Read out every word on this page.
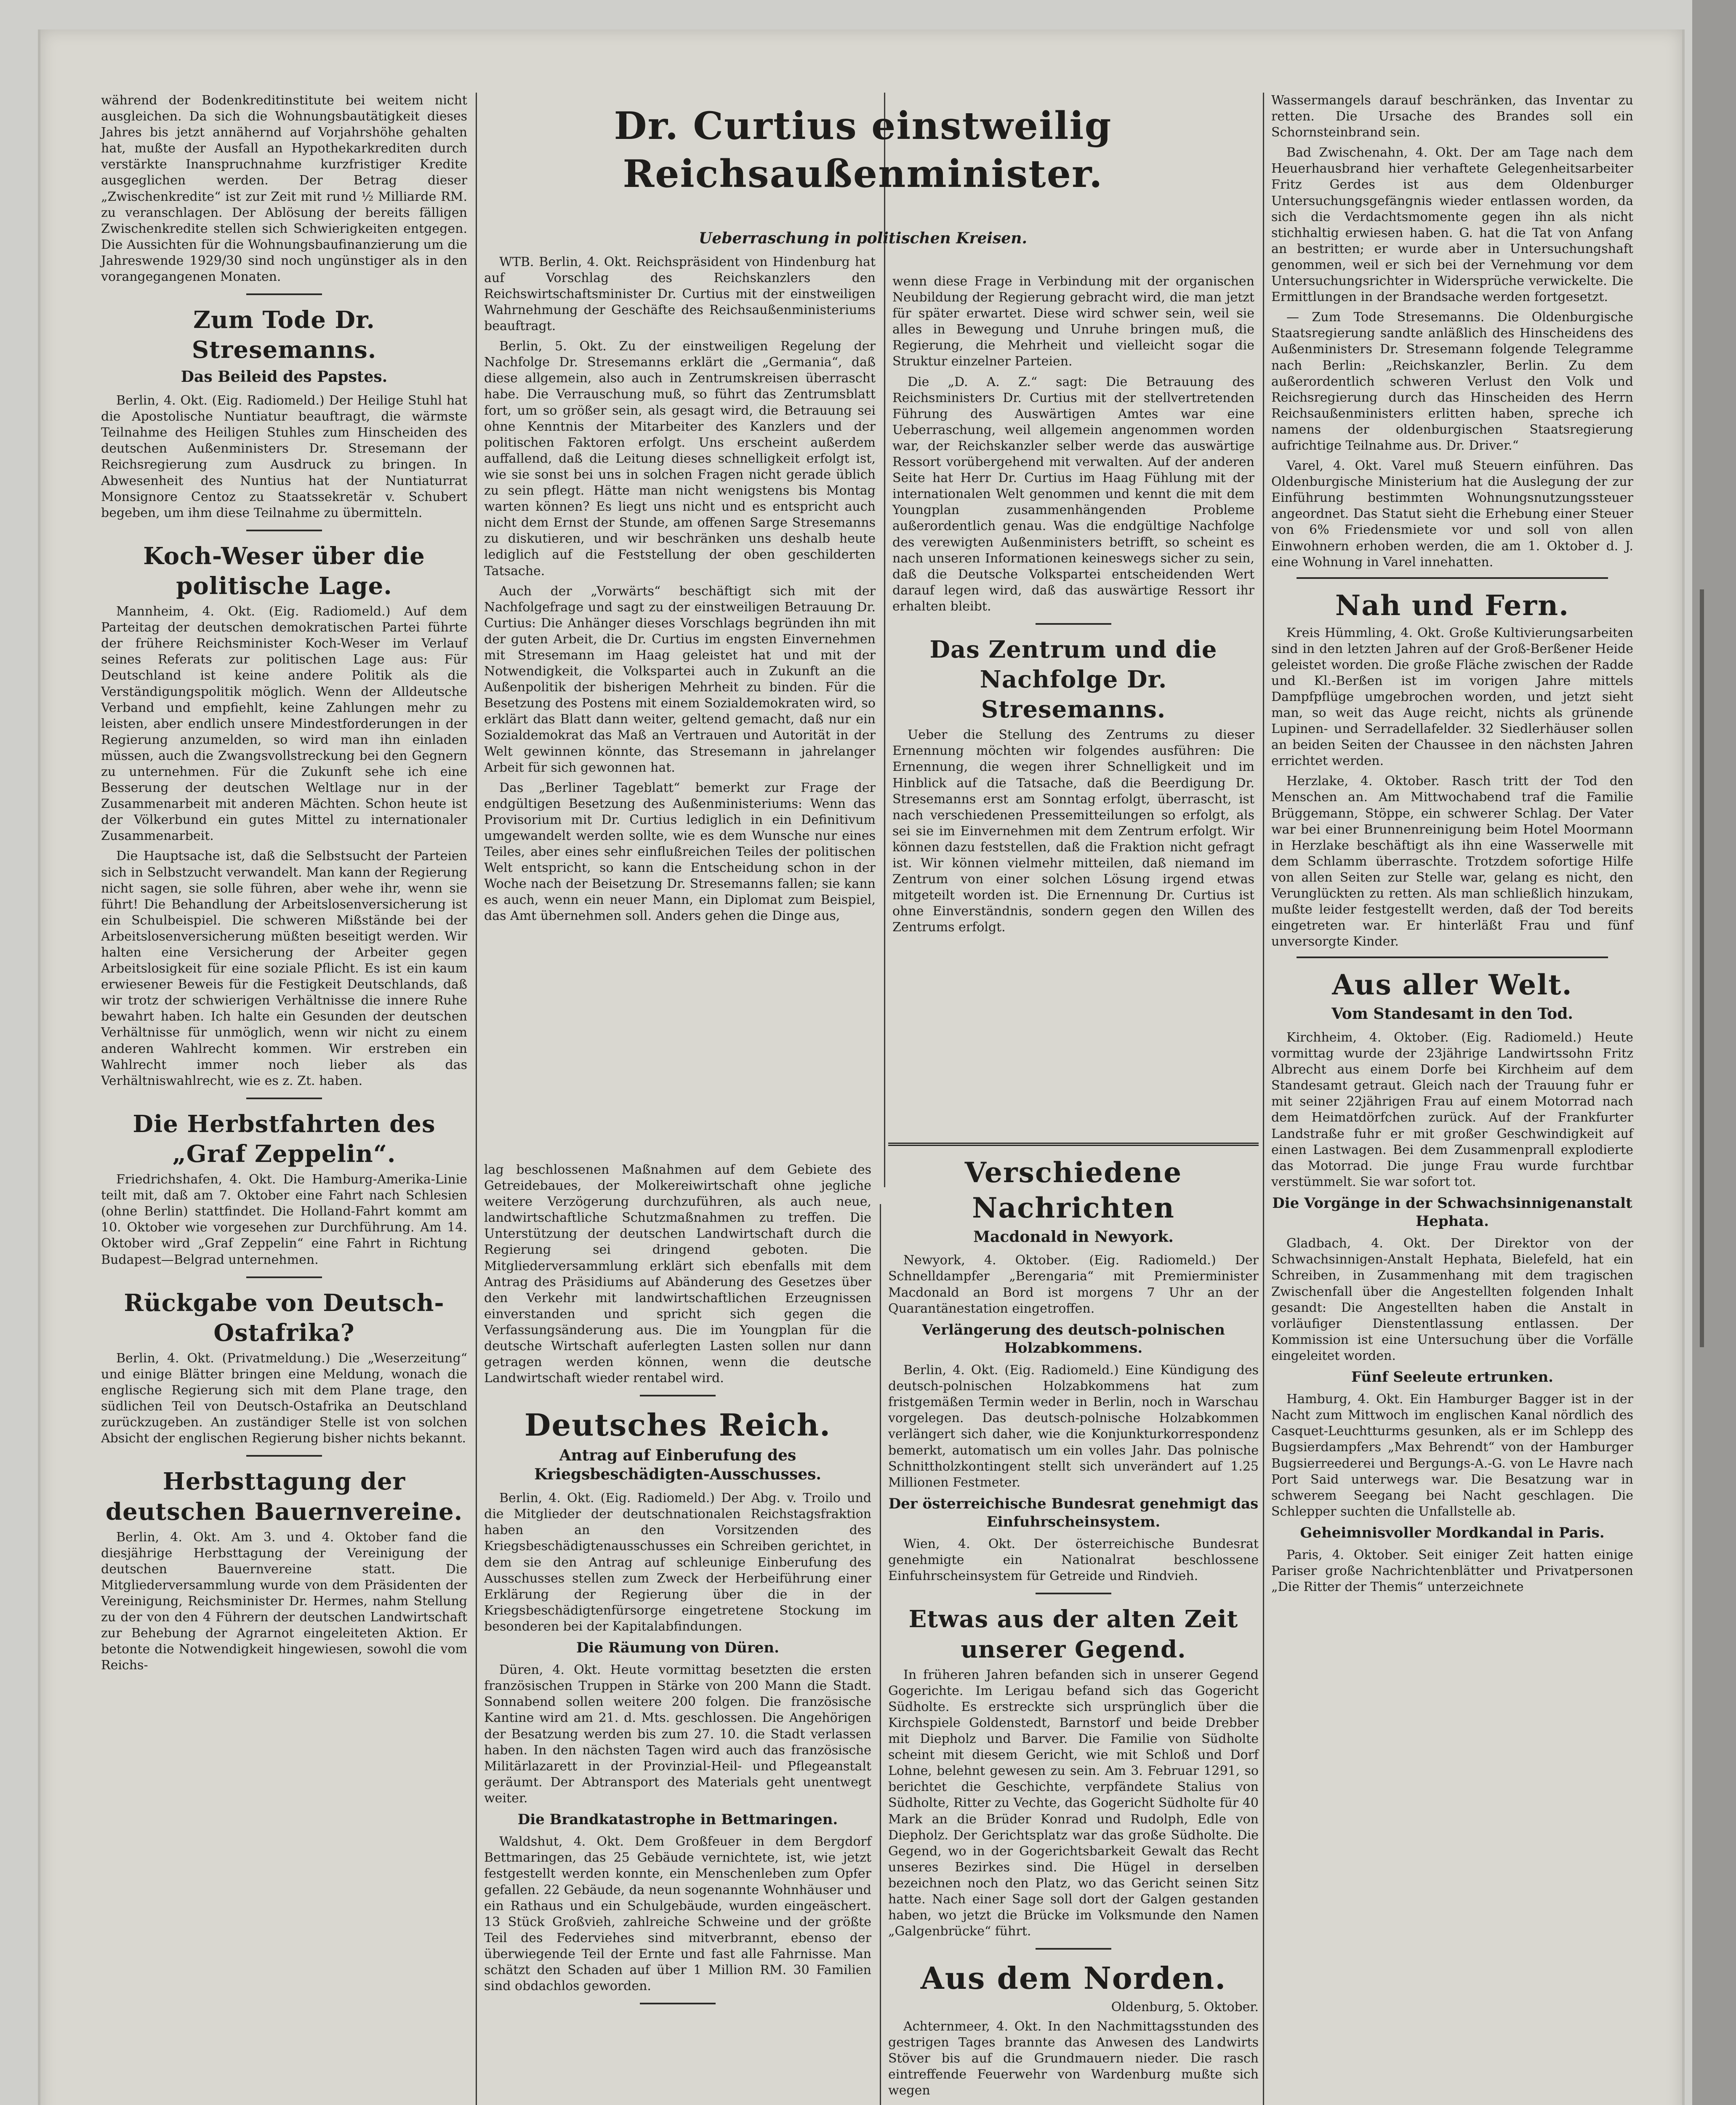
während der Bodenkreditinstitute bei weitem nicht ausgleichen. Da sich die Wohnungsbautätigkeit dieses Jahres bis jetzt annähernd auf Vorjahrshöhe gehalten hat, mußte der Ausfall an Hypothekarkrediten durch verstärkte Inanspruchnahme kurzfristiger Kredite ausgeglichen werden. Der Betrag dieser „Zwischenkredite“ ist zur Zeit mit rund ½ Milliarde RM. zu veranschlagen. Der Ablösung der bereits fälligen Zwischenkredite stellen sich Schwierigkeiten entgegen. Die Aussichten für die Wohnungsbaufinanzierung um die Jahreswende 1929/30 sind noch ungünstiger als in den vorangegangenen Monaten.

Zum Tode Dr. Stresemanns.
Das Beileid des Papstes.

Berlin, 4. Okt. (Eig. Radiomeld.) Der Heilige Stuhl hat die Apostolische Nuntiatur beauftragt, die wärmste Teilnahme des Heiligen Stuhles zum Hinscheiden des deutschen Außenministers Dr. Stresemann der Reichsregierung zum Ausdruck zu bringen. In Abwesenheit des Nuntius hat der Nuntiaturrat Monsignore Centoz zu Staatssekretär v. Schubert begeben, um ihm diese Teilnahme zu übermitteln.

Koch-Weser über die politische Lage.

Mannheim, 4. Okt. (Eig. Radiomeld.) Auf dem Parteitag der deutschen demokratischen Partei führte der frühere Reichsminister Koch-Weser im Verlauf seines Referats zur politischen Lage aus: Für Deutschland ist keine andere Politik als die Verständigungspolitik möglich. Wenn der Alldeutsche Verband und empfiehlt, keine Zahlungen mehr zu leisten, aber endlich unsere Mindestforderungen in der Regierung anzumelden, so wird man ihn einladen müssen, auch die Zwangsvollstreckung bei den Gegnern zu unternehmen. Für die Zukunft sehe ich eine Besserung der deutschen Weltlage nur in der Zusammenarbeit mit anderen Mächten. Schon heute ist der Völkerbund ein gutes Mittel zu internationaler Zusammenarbeit.

Die Hauptsache ist, daß die Selbstsucht der Parteien sich in Selbstzucht verwandelt. Man kann der Regierung nicht sagen, sie solle führen, aber wehe ihr, wenn sie führt! Die Behandlung der Arbeitslosenversicherung ist ein Schulbeispiel. Die schweren Mißstände bei der Arbeitslosenversicherung müßten beseitigt werden. Wir halten eine Versicherung der Arbeiter gegen Arbeitslosigkeit für eine soziale Pflicht. Es ist ein kaum erwiesener Beweis für die Festigkeit Deutschlands, daß wir trotz der schwierigen Verhältnisse die innere Ruhe bewahrt haben. Ich halte ein Gesunden der deutschen Verhältnisse für unmöglich, wenn wir nicht zu einem anderen Wahlrecht kommen. Wir erstreben ein Wahlrecht immer noch lieber als das Verhältniswahlrecht, wie es z. Zt. haben.

Die Herbstfahrten des „Graf Zeppelin“.

Friedrichshafen, 4. Okt. Die Hamburg-Amerika-Linie teilt mit, daß am 7. Oktober eine Fahrt nach Schlesien (ohne Berlin) stattfindet. Die Holland-Fahrt kommt am 10. Oktober wie vorgesehen zur Durchführung. Am 14. Oktober wird „Graf Zeppelin“ eine Fahrt in Richtung Budapest—Belgrad unternehmen.

Rückgabe von Deutsch-Ostafrika?

Berlin, 4. Okt. (Privatmeldung.) Die „Weserzeitung“ und einige Blätter bringen eine Meldung, wonach die englische Regierung sich mit dem Plane trage, den südlichen Teil von Deutsch-Ostafrika an Deutschland zurückzugeben. An zuständiger Stelle ist von solchen Absicht der englischen Regierung bisher nichts bekannt.

Herbsttagung der deutschen Bauernvereine.

Berlin, 4. Okt. Am 3. und 4. Oktober fand die diesjährige Herbsttagung der Vereinigung der deutschen Bauernvereine statt. Die Mitgliederversammlung wurde von dem Präsidenten der Vereinigung, Reichsminister Dr. Hermes, nahm Stellung zu der von den 4 Führern der deutschen Landwirtschaft zur Behebung der Agrarnot eingeleiteten Aktion. Er betonte die Notwendigkeit hingewiesen, sowohl die vom Reichs-

Dr. Curtius einstweilig Reichsaußenminister.
Ueberraschung in politischen Kreisen.

WTB. Berlin, 4. Okt. Reichspräsident von Hindenburg hat auf Vorschlag des Reichskanzlers den Reichswirtschaftsminister Dr. Curtius mit der einstweiligen Wahrnehmung der Geschäfte des Reichsaußenministeriums beauftragt.

Berlin, 5. Okt. Zu der einstweiligen Regelung der Nachfolge Dr. Stresemanns erklärt die „Germania“, daß diese allgemein, also auch in Zentrumskreisen überrascht habe. Die Verrauschung muß, so führt das Zentrumsblatt fort, um so größer sein, als gesagt wird, die Betrauung sei ohne Kenntnis der Mitarbeiter des Kanzlers und der politischen Faktoren erfolgt. Uns erscheint außerdem auffallend, daß die Leitung dieses schnelligkeit erfolgt ist, wie sie sonst bei uns in solchen Fragen nicht gerade üblich zu sein pflegt. Hätte man nicht wenigstens bis Montag warten können? Es liegt uns nicht und es entspricht auch nicht dem Ernst der Stunde, am offenen Sarge Stresemanns zu diskutieren, und wir beschränken uns deshalb heute lediglich auf die Feststellung der oben geschilderten Tatsache.

Auch der „Vorwärts“ beschäftigt sich mit der Nachfolgefrage und sagt zu der einstweiligen Betrauung Dr. Curtius: Die Anhänger dieses Vorschlags begründen ihn mit der guten Arbeit, die Dr. Curtius im engsten Einvernehmen mit Stresemann im Haag geleistet hat und mit der Notwendigkeit, die Volkspartei auch in Zukunft an die Außenpolitik der bisherigen Mehrheit zu binden. Für die Besetzung des Postens mit einem Sozialdemokraten wird, so erklärt das Blatt dann weiter, geltend gemacht, daß nur ein Sozialdemokrat das Maß an Vertrauen und Autorität in der Welt gewinnen könnte, das Stresemann in jahrelanger Arbeit für sich gewonnen hat.

Das „Berliner Tageblatt“ bemerkt zur Frage der endgültigen Besetzung des Außenministeriums: Wenn das Provisorium mit Dr. Curtius lediglich in ein Definitivum umgewandelt werden sollte, wie es dem Wunsche nur eines Teiles, aber eines sehr einflußreichen Teiles der politischen Welt entspricht, so kann die Entscheidung schon in der Woche nach der Beisetzung Dr. Stresemanns fallen; sie kann es auch, wenn ein neuer Mann, ein Diplomat zum Beispiel, das Amt übernehmen soll. Anders gehen die Dinge aus,

lag beschlossenen Maßnahmen auf dem Gebiete des Getreidebaues, der Molkereiwirtschaft ohne jegliche weitere Verzögerung durchzuführen, als auch neue, landwirtschaftliche Schutzmaßnahmen zu treffen. Die Unterstützung der deutschen Landwirtschaft durch die Regierung sei dringend geboten. Die Mitgliederversammlung erklärt sich ebenfalls mit dem Antrag des Präsidiums auf Abänderung des Gesetzes über den Verkehr mit landwirtschaftlichen Erzeugnissen einverstanden und spricht sich gegen die Verfassungsänderung aus. Die im Youngplan für die deutsche Wirtschaft auferlegten Lasten sollen nur dann getragen werden können, wenn die deutsche Landwirtschaft wieder rentabel wird.

Deutsches Reich.
Antrag auf Einberufung des Kriegsbeschädigten-Ausschusses.

Berlin, 4. Okt. (Eig. Radiomeld.) Der Abg. v. Troilo und die Mitglieder der deutschnationalen Reichstagsfraktion haben an den Vorsitzenden des Kriegsbeschädigtenausschusses ein Schreiben gerichtet, in dem sie den Antrag auf schleunige Einberufung des Ausschusses stellen zum Zweck der Herbeiführung einer Erklärung der Regierung über die in der Kriegsbeschädigtenfürsorge eingetretene Stockung im besonderen bei der Kapitalabfindungen.

Die Räumung von Düren.

Düren, 4. Okt. Heute vormittag besetzten die ersten französischen Truppen in Stärke von 200 Mann die Stadt. Sonnabend sollen weitere 200 folgen. Die französische Kantine wird am 21. d. Mts. geschlossen. Die Angehörigen der Besatzung werden bis zum 27. 10. die Stadt verlassen haben. In den nächsten Tagen wird auch das französische Militärlazarett in der Provinzial-Heil- und Pflegeanstalt geräumt. Der Abtransport des Materials geht unentwegt weiter.

Die Brandkatastrophe in Bettmaringen.

Waldshut, 4. Okt. Dem Großfeuer in dem Bergdorf Bettmaringen, das 25 Gebäude vernichtete, ist, wie jetzt festgestellt werden konnte, ein Menschenleben zum Opfer gefallen. 22 Gebäude, da neun sogenannte Wohnhäuser und ein Rathaus und ein Schulgebäude, wurden eingeäschert. 13 Stück Großvieh, zahlreiche Schweine und der größte Teil des Federviehes sind mitverbrannt, ebenso der überwiegende Teil der Ernte und fast alle Fahrnisse. Man schätzt den Schaden auf über 1 Million RM. 30 Familien sind obdachlos geworden.

wenn diese Frage in Verbindung mit der organischen Neubildung der Regierung gebracht wird, die man jetzt für später erwartet. Diese wird schwer sein, weil sie alles in Bewegung und Unruhe bringen muß, die Regierung, die Mehrheit und vielleicht sogar die Struktur einzelner Parteien.

Die „D. A. Z.“ sagt: Die Betrauung des Reichsministers Dr. Curtius mit der stellvertretenden Führung des Auswärtigen Amtes war eine Ueberraschung, weil allgemein angenommen worden war, der Reichskanzler selber werde das auswärtige Ressort vorübergehend mit verwalten. Auf der anderen Seite hat Herr Dr. Curtius im Haag Fühlung mit der internationalen Welt genommen und kennt die mit dem Youngplan zusammenhängenden Probleme außerordentlich genau. Was die endgültige Nachfolge des verewigten Außenministers betrifft, so scheint es nach unseren Informationen keineswegs sicher zu sein, daß die Deutsche Volkspartei entscheidenden Wert darauf legen wird, daß das auswärtige Ressort ihr erhalten bleibt.

Das Zentrum und die Nachfolge Dr. Stresemanns.

Ueber die Stellung des Zentrums zu dieser Ernennung möchten wir folgendes ausführen: Die Ernennung, die wegen ihrer Schnelligkeit und im Hinblick auf die Tatsache, daß die Beerdigung Dr. Stresemanns erst am Sonntag erfolgt, überrascht, ist nach verschiedenen Pressemitteilungen so erfolgt, als sei sie im Einvernehmen mit dem Zentrum erfolgt. Wir können dazu feststellen, daß die Fraktion nicht gefragt ist. Wir können vielmehr mitteilen, daß niemand im Zentrum von einer solchen Lösung irgend etwas mitgeteilt worden ist. Die Ernennung Dr. Curtius ist ohne Einverständnis, sondern gegen den Willen des Zentrums erfolgt.

Verschiedene Nachrichten
Macdonald in Newyork.

Newyork, 4. Oktober. (Eig. Radiomeld.) Der Schnelldampfer „Berengaria“ mit Premierminister Macdonald an Bord ist morgens 7 Uhr an der Quarantänestation eingetroffen.

Verlängerung des deutsch-polnischen Holzabkommens.

Berlin, 4. Okt. (Eig. Radiomeld.) Eine Kündigung des deutsch-polnischen Holzabkommens hat zum fristgemäßen Termin weder in Berlin, noch in Warschau vorgelegen. Das deutsch-polnische Holzabkommen verlängert sich daher, wie die Konjunkturkorrespondenz bemerkt, automatisch um ein volles Jahr. Das polnische Schnittholzkontingent stellt sich unverändert auf 1.25 Millionen Festmeter.

Der österreichische Bundesrat genehmigt das Einfuhrscheinsystem.

Wien, 4. Okt. Der österreichische Bundesrat genehmigte ein Nationalrat beschlossene Einfuhrscheinsystem für Getreide und Rindvieh.

Etwas aus der alten Zeit unserer Gegend.

In früheren Jahren befanden sich in unserer Gegend Gogerichte. Im Lerigau befand sich das Gogericht Südholte. Es erstreckte sich ursprünglich über die Kirchspiele Goldenstedt, Barnstorf und beide Drebber mit Diepholz und Barver. Die Familie von Südholte scheint mit diesem Gericht, wie mit Schloß und Dorf Lohne, belehnt gewesen zu sein. Am 3. Februar 1291, so berichtet die Geschichte, verpfändete Stalius von Südholte, Ritter zu Vechte, das Gogericht Südholte für 40 Mark an die Brüder Konrad und Rudolph, Edle von Diepholz. Der Gerichtsplatz war das große Südholte. Die Gegend, wo in der Gogerichtsbarkeit Gewalt das Recht unseres Bezirkes sind. Die Hügel in derselben bezeichnen noch den Platz, wo das Gericht seinen Sitz hatte. Nach einer Sage soll dort der Galgen gestanden haben, wo jetzt die Brücke im Volksmunde den Namen „Galgenbrücke“ führt.

Aus dem Norden.
Oldenburg, 5. Oktober.

Achternmeer, 4. Okt. In den Nachmittagsstunden des gestrigen Tages brannte das Anwesen des Landwirts Stöver bis auf die Grundmauern nieder. Die rasch eintreffende Feuerwehr von Wardenburg mußte sich wegen

Wassermangels darauf beschränken, das Inventar zu retten. Die Ursache des Brandes soll ein Schornsteinbrand sein.

Bad Zwischenahn, 4. Okt. Der am Tage nach dem Heuerhausbrand hier verhaftete Gelegenheitsarbeiter Fritz Gerdes ist aus dem Oldenburger Untersuchungsgefängnis wieder entlassen worden, da sich die Verdachtsmomente gegen ihn als nicht stichhaltig erwiesen haben. G. hat die Tat von Anfang an bestritten; er wurde aber in Untersuchungshaft genommen, weil er sich bei der Vernehmung vor dem Untersuchungsrichter in Widersprüche verwickelte. Die Ermittlungen in der Brandsache werden fortgesetzt.

— Zum Tode Stresemanns. Die Oldenburgische Staatsregierung sandte anläßlich des Hinscheidens des Außenministers Dr. Stresemann folgende Telegramme nach Berlin: „Reichskanzler, Berlin. Zu dem außerordentlich schweren Verlust den Volk und Reichsregierung durch das Hinscheiden des Herrn Reichsaußenministers erlitten haben, spreche ich namens der oldenburgischen Staatsregierung aufrichtige Teilnahme aus. Dr. Driver.“

Varel, 4. Okt. Varel muß Steuern einführen. Das Oldenburgische Ministerium hat die Auslegung der zur Einführung bestimmten Wohnungsnutzungssteuer angeordnet. Das Statut sieht die Erhebung einer Steuer von 6% Friedensmiete vor und soll von allen Einwohnern erhoben werden, die am 1. Oktober d. J. eine Wohnung in Varel innehatten.

Nah und Fern.

Kreis Hümmling, 4. Okt. Große Kultivierungsarbeiten sind in den letzten Jahren auf der Groß-Berßener Heide geleistet worden. Die große Fläche zwischen der Radde und Kl.-Berßen ist im vorigen Jahre mittels Dampfpflüge umgebrochen worden, und jetzt sieht man, so weit das Auge reicht, nichts als grünende Lupinen- und Serradellafelder. 32 Siedlerhäuser sollen an beiden Seiten der Chaussee in den nächsten Jahren errichtet werden.

Herzlake, 4. Oktober. Rasch tritt der Tod den Menschen an. Am Mittwochabend traf die Familie Brüggemann, Stöppe, ein schwerer Schlag. Der Vater war bei einer Brunnenreinigung beim Hotel Moormann in Herzlake beschäftigt als ihn eine Wasserwelle mit dem Schlamm überraschte. Trotzdem sofortige Hilfe von allen Seiten zur Stelle war, gelang es nicht, den Verunglückten zu retten. Als man schließlich hinzukam, mußte leider festgestellt werden, daß der Tod bereits eingetreten war. Er hinterläßt Frau und fünf unversorgte Kinder.

Aus aller Welt.
Vom Standesamt in den Tod.

Kirchheim, 4. Oktober. (Eig. Radiomeld.) Heute vormittag wurde der 23jährige Landwirtssohn Fritz Albrecht aus einem Dorfe bei Kirchheim auf dem Standesamt getraut. Gleich nach der Trauung fuhr er mit seiner 22jährigen Frau auf einem Motorrad nach dem Heimatdörfchen zurück. Auf der Frankfurter Landstraße fuhr er mit großer Geschwindigkeit auf einen Lastwagen. Bei dem Zusammenprall explodierte das Motorrad. Die junge Frau wurde furchtbar verstümmelt. Sie war sofort tot.

Die Vorgänge in der Schwachsinnigenanstalt Hephata.

Gladbach, 4. Okt. Der Direktor von der Schwachsinnigen-Anstalt Hephata, Bielefeld, hat ein Schreiben, in Zusammenhang mit dem tragischen Zwischenfall über die Angestellten folgenden Inhalt gesandt: Die Angestellten haben die Anstalt in vorläufiger Dienstentlassung entlassen. Der Kommission ist eine Untersuchung über die Vorfälle eingeleitet worden.

Fünf Seeleute ertrunken.

Hamburg, 4. Okt. Ein Hamburger Bagger ist in der Nacht zum Mittwoch im englischen Kanal nördlich des Casquet-Leuchtturms gesunken, als er im Schlepp des Bugsierdampfers „Max Behrendt“ von der Hamburger Bugsierreederei und Bergungs-A.-G. von Le Havre nach Port Said unterwegs war. Die Besatzung war in schwerem Seegang bei Nacht geschlagen. Die Schlepper suchten die Unfallstelle ab.

Geheimnisvoller Mordkandal in Paris.

Paris, 4. Oktober. Seit einiger Zeit hatten einige Pariser große Nachrichtenblätter und Privatpersonen „Die Ritter der Themis“ unterzeichnete
